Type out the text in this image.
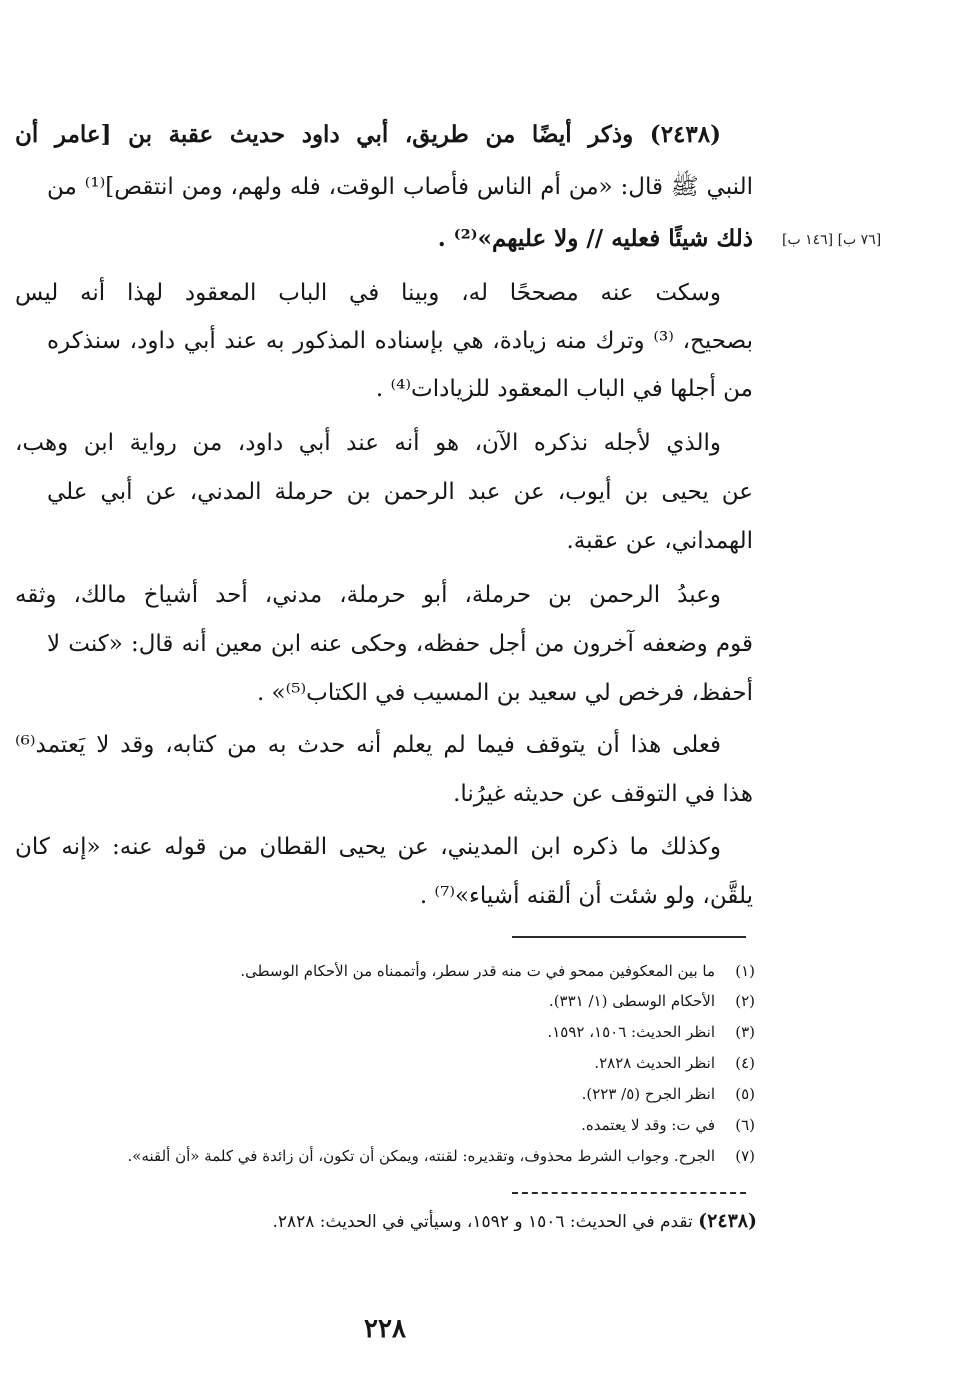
[٧٦ ب] [١٤٦ ب]
(٢٤٣٨) وذكر أيضًا من طريق، أبي داود حديث عقبة بن [عامر أن
النبي ﷺ قال: «من أم الناس فأصاب الوقت، فله ولهم، ومن انتقص]⁽¹⁾ من
ذلك شيئًا فعليه // ولا عليهم»⁽²⁾ .
وسكت عنه مصححًا له، وبينا في الباب المعقود لهذا أنه ليس
بصحيح، ⁽³⁾ وترك منه زيادة، هي بإسناده المذكور به عند أبي داود، سنذكره
من أجلها في الباب المعقود للزيادات⁽⁴⁾ .
والذي لأجله نذكره الآن، هو أنه عند أبي داود، من رواية ابن وهب،
عن يحيى بن أيوب، عن عبد الرحمن بن حرملة المدني، عن أبي علي
الهمداني، عن عقبة.
وعبدُ الرحمن بن حرملة، أبو حرملة، مدني، أحد أشياخ مالك، وثقه
قوم وضعفه آخرون من أجل حفظه، وحكى عنه ابن معين أنه قال: «كنت لا
أحفظ، فرخص لي سعيد بن المسيب في الكتاب⁽⁵⁾» .
فعلى هذا أن يتوقف فيما لم يعلم أنه حدث به من كتابه، وقد لا يَعتمد⁽⁶⁾
هذا في التوقف عن حديثه غيرُنا.
وكذلك ما ذكره ابن المديني، عن يحيى القطان من قوله عنه: «إنه كان
يلقَّن، ولو شئت أن ألقنه أشياء»⁽⁷⁾ .
(١)ما بين المعكوفين ممحو في ت منه قدر سطر، وأتممناه من الأحكام الوسطى.
(٢)الأحكام الوسطى (١/ ٣٣١).
(٣)انظر الحديث: ١٥٠٦، ١٥٩٢.
(٤)انظر الحديث ٢٨٢٨.
(٥)انظر الجرح (٥/ ٢٢٣).
(٦)في ت: وقد لا يعتمده.
(٧)الجرح. وجواب الشرط محذوف، وتقديره: لقنته، ويمكن أن تكون، أن زائدة في كلمة «أن ألقنه».
(٢٤٣٨) تقدم في الحديث: ١٥٠٦ و ١٥٩٢، وسيأتي في الحديث: ٢٨٢٨.
٢٢٨
